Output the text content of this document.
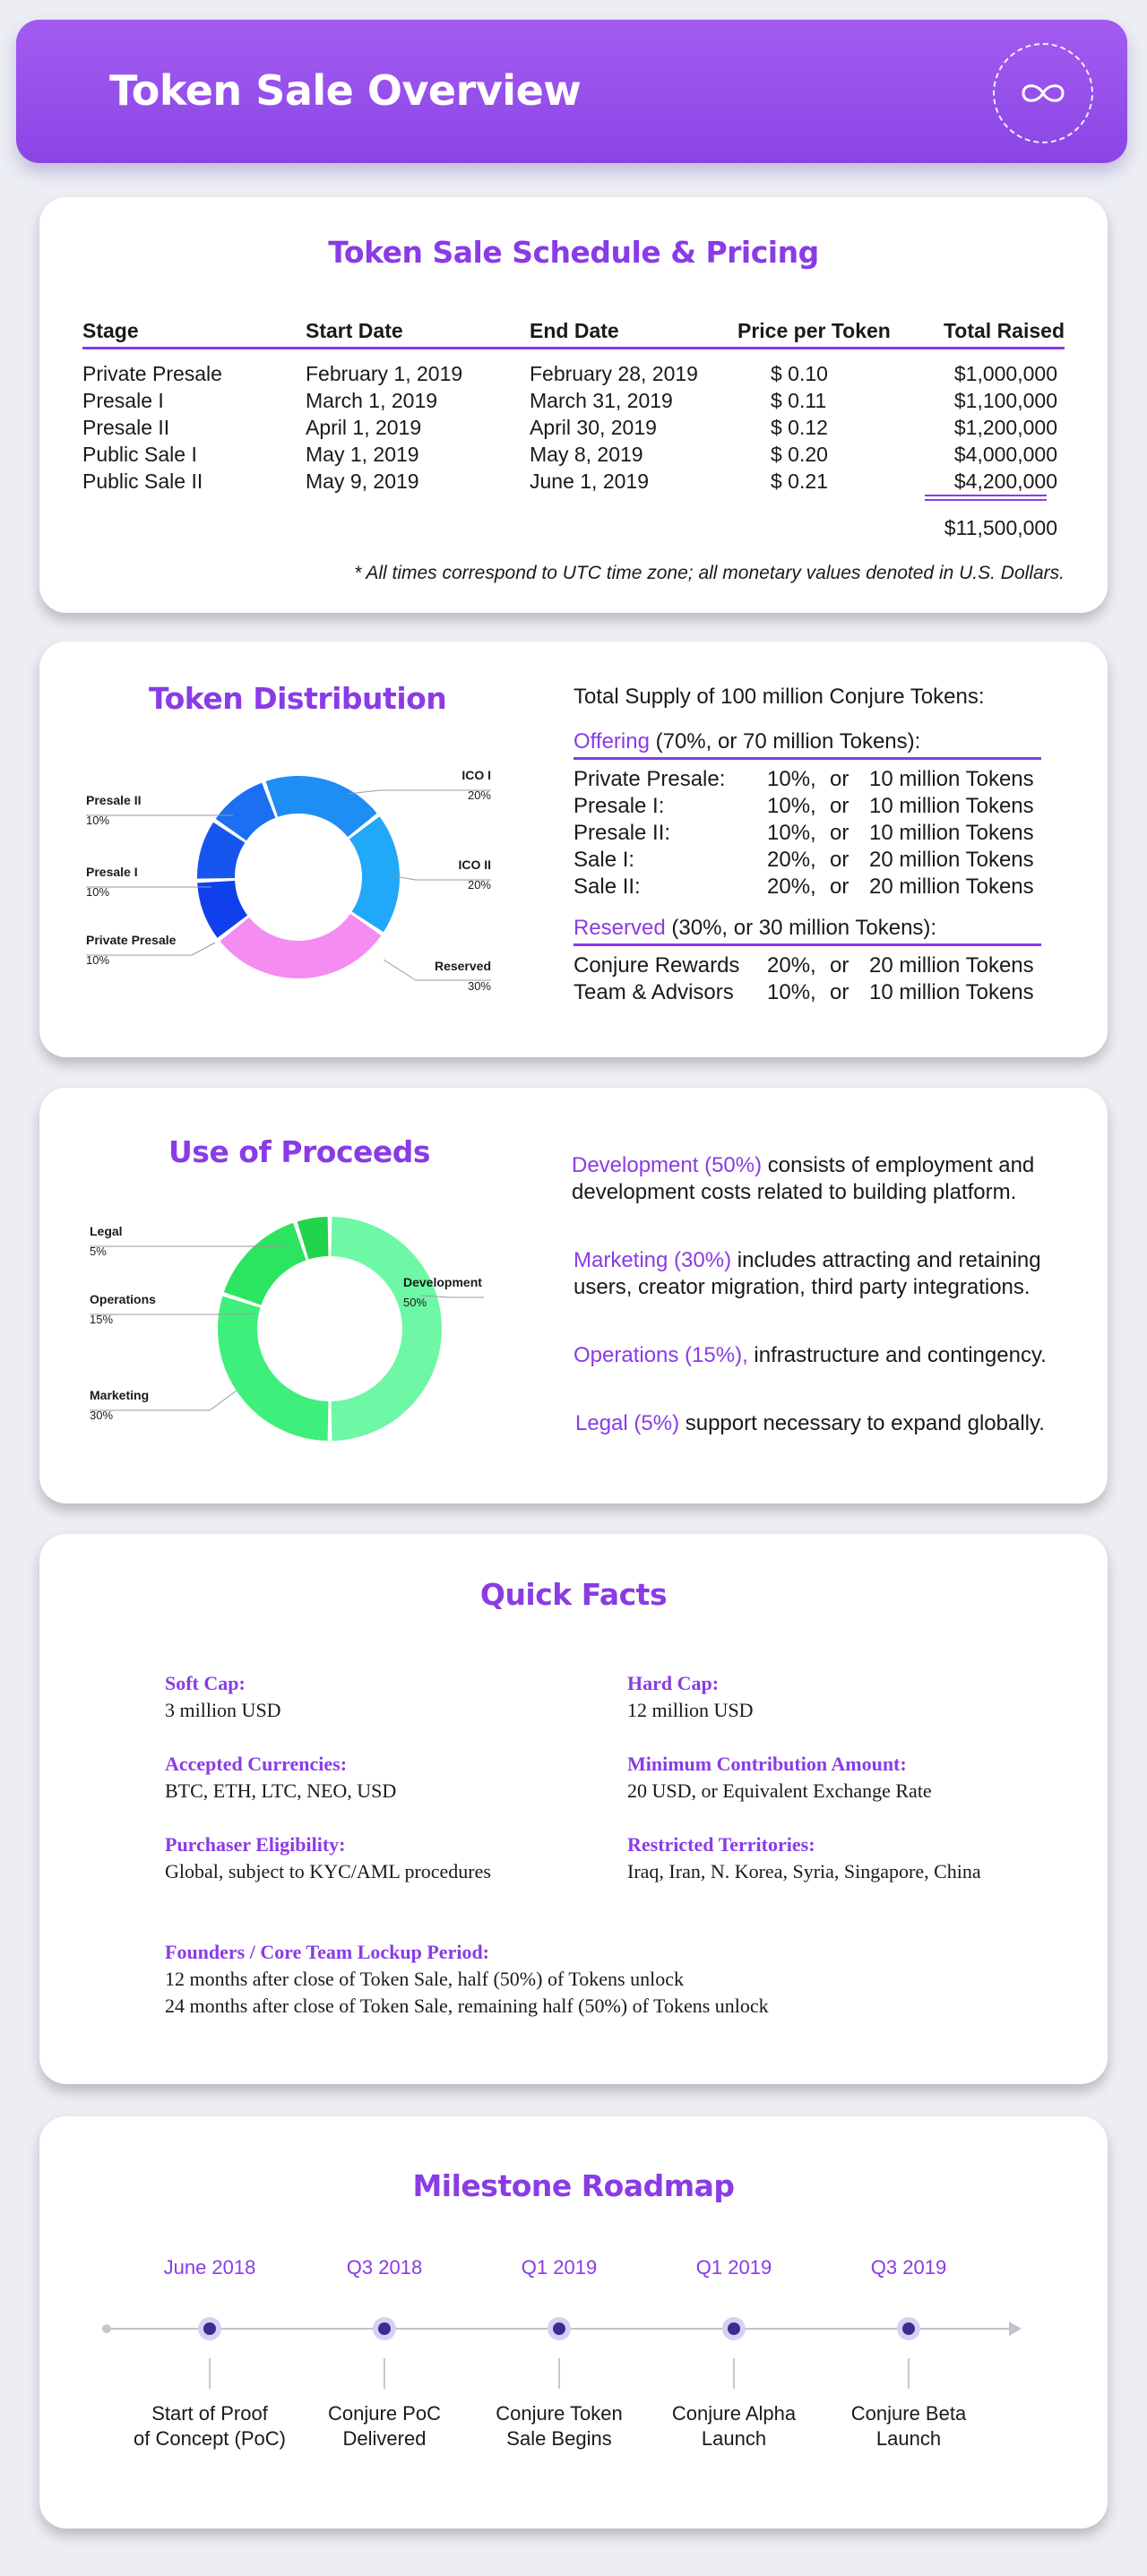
Token Sale Overview
Token Sale Schedule & Pricing
Stage	Start Date	End Date	Price per Token	Total Raised
Private Presale	February 1, 2019	February 28, 2019	$ 0.10	$1,000,000
Presale I	March 1, 2019	March 31, 2019	$ 0.11	$1,100,000
Presale II	April 1, 2019	April 30, 2019	$ 0.12	$1,200,000
Public Sale I	May 1, 2019	May 8, 2019	$ 0.20	$4,000,000
Public Sale II	May 9, 2019	June 1, 2019	$ 0.21	$4,200,000
$11,500,000
* All times correspond to UTC time zone; all monetary values denoted in U.S. Dollars.
Token Distribution
ICO I
20%
ICO II
20%
Reserved
30%
Private Presale
10%
Presale I
10%
Presale II
10%
Total Supply of 100 million Conjure Tokens:
Offering (70%, or 70 million Tokens):
Private Presale: 10%, or 10 million Tokens
Presale I:	10%, or 10 million Tokens
Presale II:	10%, or 10 million Tokens
Sale I:	20%, or 20 million Tokens
Sale II:	20%, or 20 million Tokens
Reserved (30%, or 30 million Tokens):
Conjure Rewards 20%, or 20 million Tokens
Team & Advisors 10%, or 10 million Tokens
Use of Proceeds
Development
50%
Marketing
30%
Operations
15%
Legal
5%
Development (50%) consists of employment and
development costs related to building platform.
Marketing (30%) includes attracting and retaining
users, creator migration, third party integrations.
Operations (15%), infrastructure and contingency.
Legal (5%) support necessary to expand globally.
Quick Facts
Soft Cap:
3 million USD
Hard Cap:
12 million USD
Accepted Currencies:
BTC, ETH, LTC, NEO, USD
Minimum Contribution Amount:
20 USD, or Equivalent Exchange Rate
Purchaser Eligibility:
Global, subject to KYC/AML procedures
Restricted Territories:
Iraq, Iran, N. Korea, Syria, Singapore, China
Founders / Core Team Lockup Period:
12 months after close of Token Sale, half (50%) of Tokens unlock
24 months after close of Token Sale, remaining half (50%) of Tokens unlock
Milestone Roadmap
June 2018
Start of Proof
of Concept (PoC)
Q3 2018
Conjure PoC
Delivered
Q1 2019
Conjure Token
Sale Begins
Q1 2019
Conjure Alpha
Launch
Q3 2019
Conjure Beta
Launch
